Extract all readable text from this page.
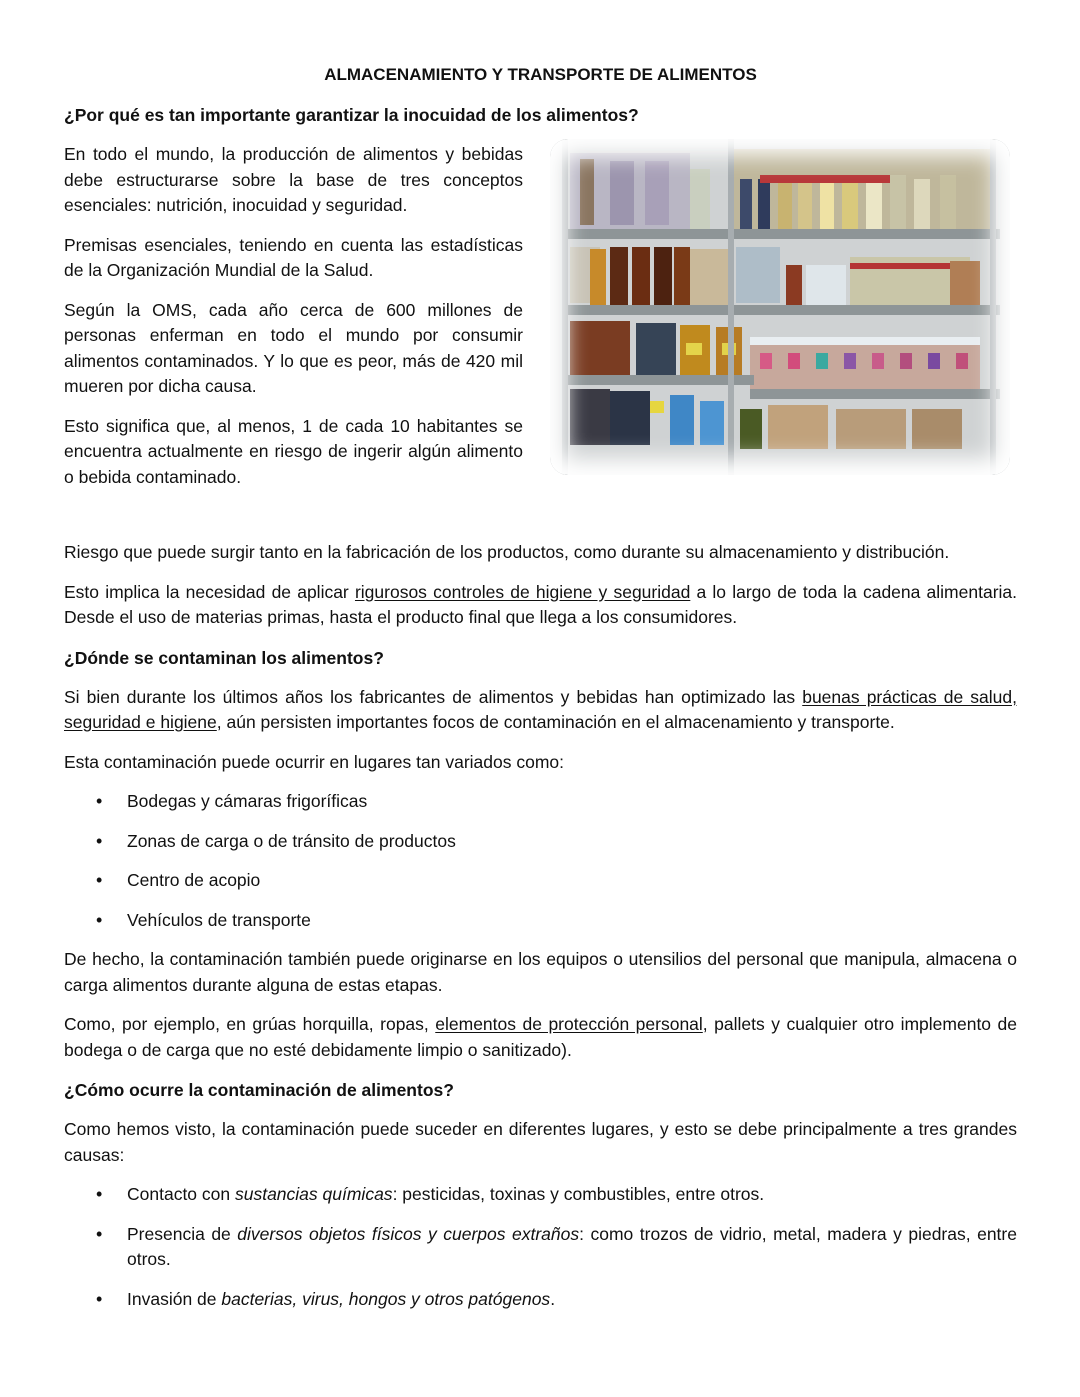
ALMACENAMIENTO Y TRANSPORTE DE ALIMENTOS
¿Por qué es tan importante garantizar la inocuidad de los alimentos?

En todo el mundo, la producción de alimentos y bebidas debe estructurarse sobre la base de tres conceptos esenciales: nutrición, inocuidad y seguridad.

Premisas esenciales, teniendo en cuenta las estadísticas de la Organización Mundial de la Salud.

Según la OMS, cada año cerca de 600 millones de personas enferman en todo el mundo por consumir alimentos contaminados. Y lo que es peor, más de 420 mil mueren por dicha causa.

Esto significa que, al menos, 1 de cada 10 habitantes se encuentra actualmente en riesgo de ingerir algún alimento o bebida contaminado.

Riesgo que puede surgir tanto en la fabricación de los productos, como durante su almacenamiento y distribución.

Esto implica la necesidad de aplicar rigurosos controles de higiene y seguridad a lo largo de toda la cadena alimentaria. Desde el uso de materias primas, hasta el producto final que llega a los consumidores.

¿Dónde se contaminan los alimentos?

Si bien durante los últimos años los fabricantes de alimentos y bebidas han optimizado las buenas prácticas de salud, seguridad e higiene, aún persisten importantes focos de contaminación en el almacenamiento y transporte.

Esta contaminación puede ocurrir en lugares tan variados como:

• Bodegas y cámaras frigoríficas
• Zonas de carga o de tránsito de productos
• Centro de acopio
• Vehículos de transporte

De hecho, la contaminación también puede originarse en los equipos o utensilios del personal que manipula, almacena o carga alimentos durante alguna de estas etapas.

Como, por ejemplo, en grúas horquilla, ropas, elementos de protección personal, pallets y cualquier otro implemento de bodega o de carga que no esté debidamente limpio o sanitizado).

¿Cómo ocurre la contaminación de alimentos?

Como hemos visto, la contaminación puede suceder en diferentes lugares, y esto se debe principalmente a tres grandes causas:

• Contacto con sustancias químicas: pesticidas, toxinas y combustibles, entre otros.
• Presencia de diversos objetos físicos y cuerpos extraños: como trozos de vidrio, metal, madera y piedras, entre otros.
• Invasión de bacterias, virus, hongos y otros patógenos.
